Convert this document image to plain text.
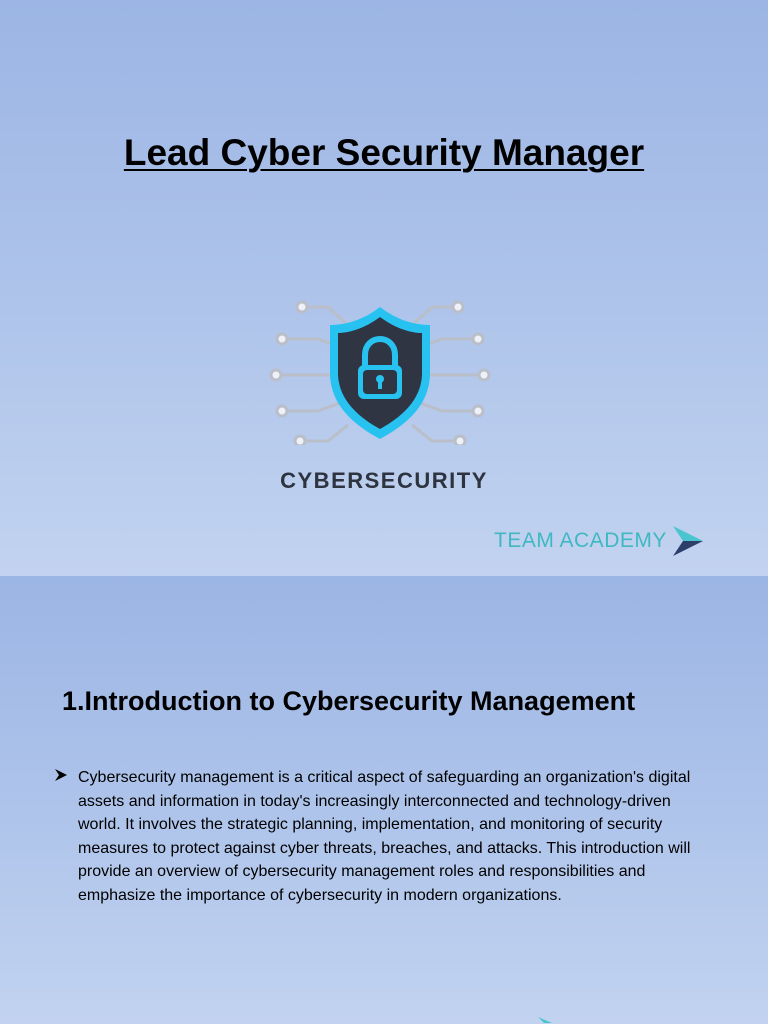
Lead Cyber Security Manager
CYBERSECURITY
TEAM ACADEMY
1.Introduction to Cybersecurity Management
Cybersecurity management is a critical aspect of safeguarding an organization's digital assets and information in today's increasingly interconnected and technology-driven world. It involves the strategic planning, implementation, and monitoring of security measures to protect against cyber threats, breaches, and attacks. This introduction will provide an overview of cybersecurity management roles and responsibilities and emphasize the importance of cybersecurity in modern organizations.
